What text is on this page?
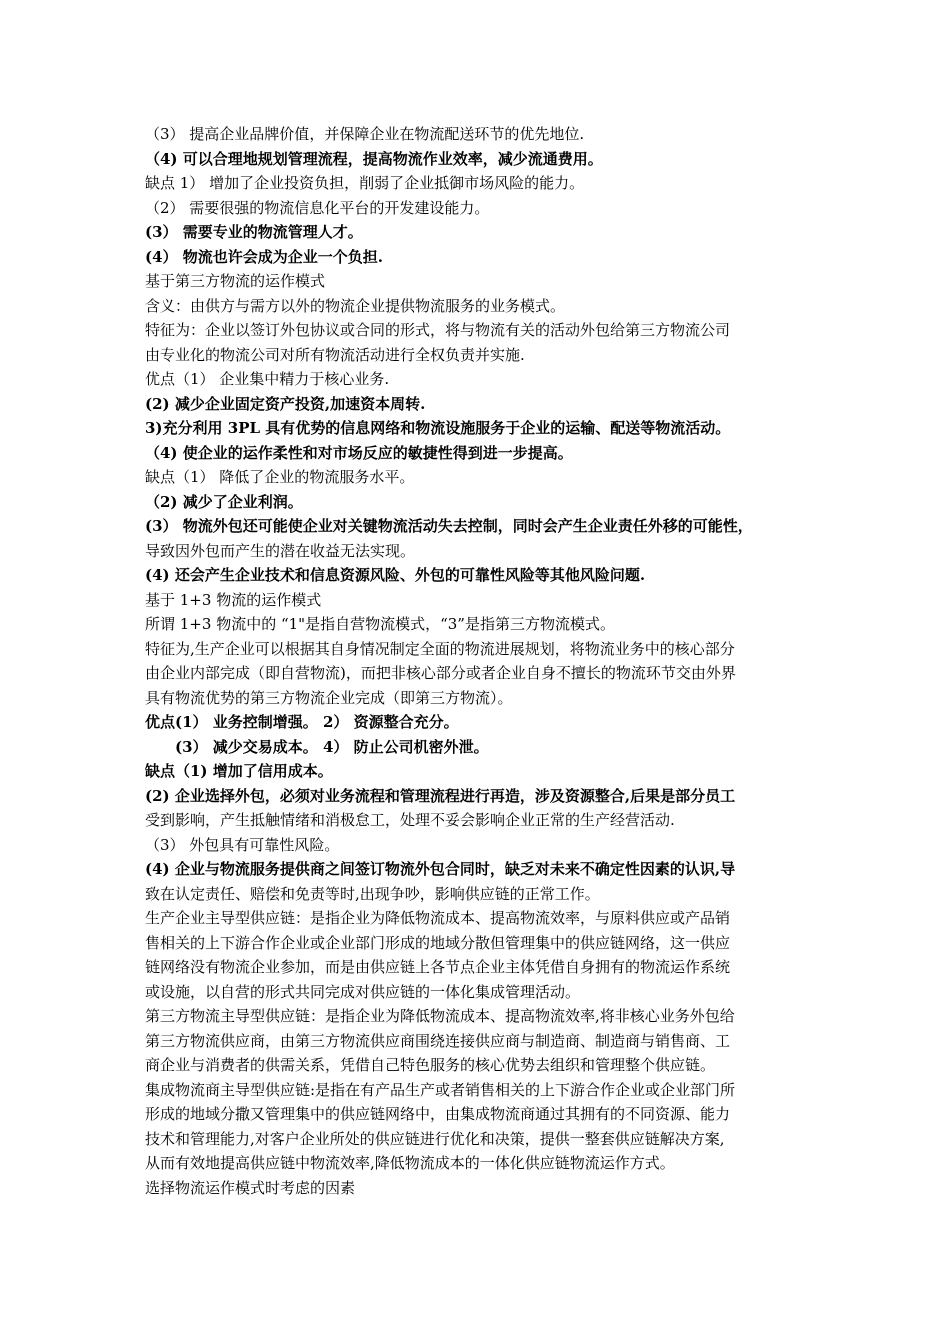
（3） 提高企业品牌价值，并保障企业在物流配送环节的优先地位.
（4) 可以合理地规划管理流程，提高物流作业效率，减少流通费用。
缺点 1） 增加了企业投资负担，削弱了企业抵御市场风险的能力。
（2） 需要很强的物流信息化平台的开发建设能力。
(3） 需要专业的物流管理人才。
(4） 物流也许会成为企业一个负担.
基于第三方物流的运作模式
含义：由供方与需方以外的物流企业提供物流服务的业务模式。
特征为：企业以签订外包协议或合同的形式，将与物流有关的活动外包给第三方物流公司
由专业化的物流公司对所有物流活动进行全权负责并实施.
优点（1） 企业集中精力于核心业务.
(2) 减少企业固定资产投资,加速资本周转.
3)充分利用 3PL 具有优势的信息网络和物流设施服务于企业的运输、配送等物流活动。
（4) 使企业的运作柔性和对市场反应的敏捷性得到进一步提高。
缺点（1） 降低了企业的物流服务水平。
（2) 减少了企业利润。
(3） 物流外包还可能使企业对关键物流活动失去控制，同时会产生企业责任外移的可能性，
导致因外包而产生的潜在收益无法实现。
(4) 还会产生企业技术和信息资源风险、外包的可靠性风险等其他风险问题.
基于 1+3 物流的运作模式
所谓 1+3 物流中的 “1"是指自营物流模式，“3”是指第三方物流模式。
特征为,生产企业可以根据其自身情况制定全面的物流进展规划，将物流业务中的核心部分
由企业内部完成（即自营物流)，而把非核心部分或者企业自身不擅长的物流环节交由外界
具有物流优势的第三方物流企业完成（即第三方物流）。
优点(1） 业务控制增强。 2） 资源整合充分。
(3） 减少交易成本。 4） 防止公司机密外泄。
缺点（1) 增加了信用成本。
(2) 企业选择外包，必须对业务流程和管理流程进行再造，涉及资源整合,后果是部分员工
受到影响，产生抵触情绪和消极怠工，处理不妥会影响企业正常的生产经营活动.
（3） 外包具有可靠性风险。
(4) 企业与物流服务提供商之间签订物流外包合同时，缺乏对未来不确定性因素的认识,导
致在认定责任、赔偿和免责等时,出现争吵，影响供应链的正常工作。
生产企业主导型供应链：是指企业为降低物流成本、提高物流效率，与原料供应或产品销
售相关的上下游合作企业或企业部门形成的地域分散但管理集中的供应链网络，这一供应
链网络没有物流企业参加，而是由供应链上各节点企业主体凭借自身拥有的物流运作系统
或设施，以自营的形式共同完成对供应链的一体化集成管理活动。
第三方物流主导型供应链：是指企业为降低物流成本、提高物流效率,将非核心业务外包给
第三方物流供应商，由第三方物流供应商围绕连接供应商与制造商、制造商与销售商、工
商企业与消费者的供需关系，凭借自己特色服务的核心优势去组织和管理整个供应链。
集成物流商主导型供应链:是指在有产品生产或者销售相关的上下游合作企业或企业部门所
形成的地域分撒又管理集中的供应链网络中，由集成物流商通过其拥有的不同资源、能力
技术和管理能力,对客户企业所处的供应链进行优化和决策，提供一整套供应链解决方案,
从而有效地提高供应链中物流效率,降低物流成本的一体化供应链物流运作方式。
选择物流运作模式时考虑的因素
